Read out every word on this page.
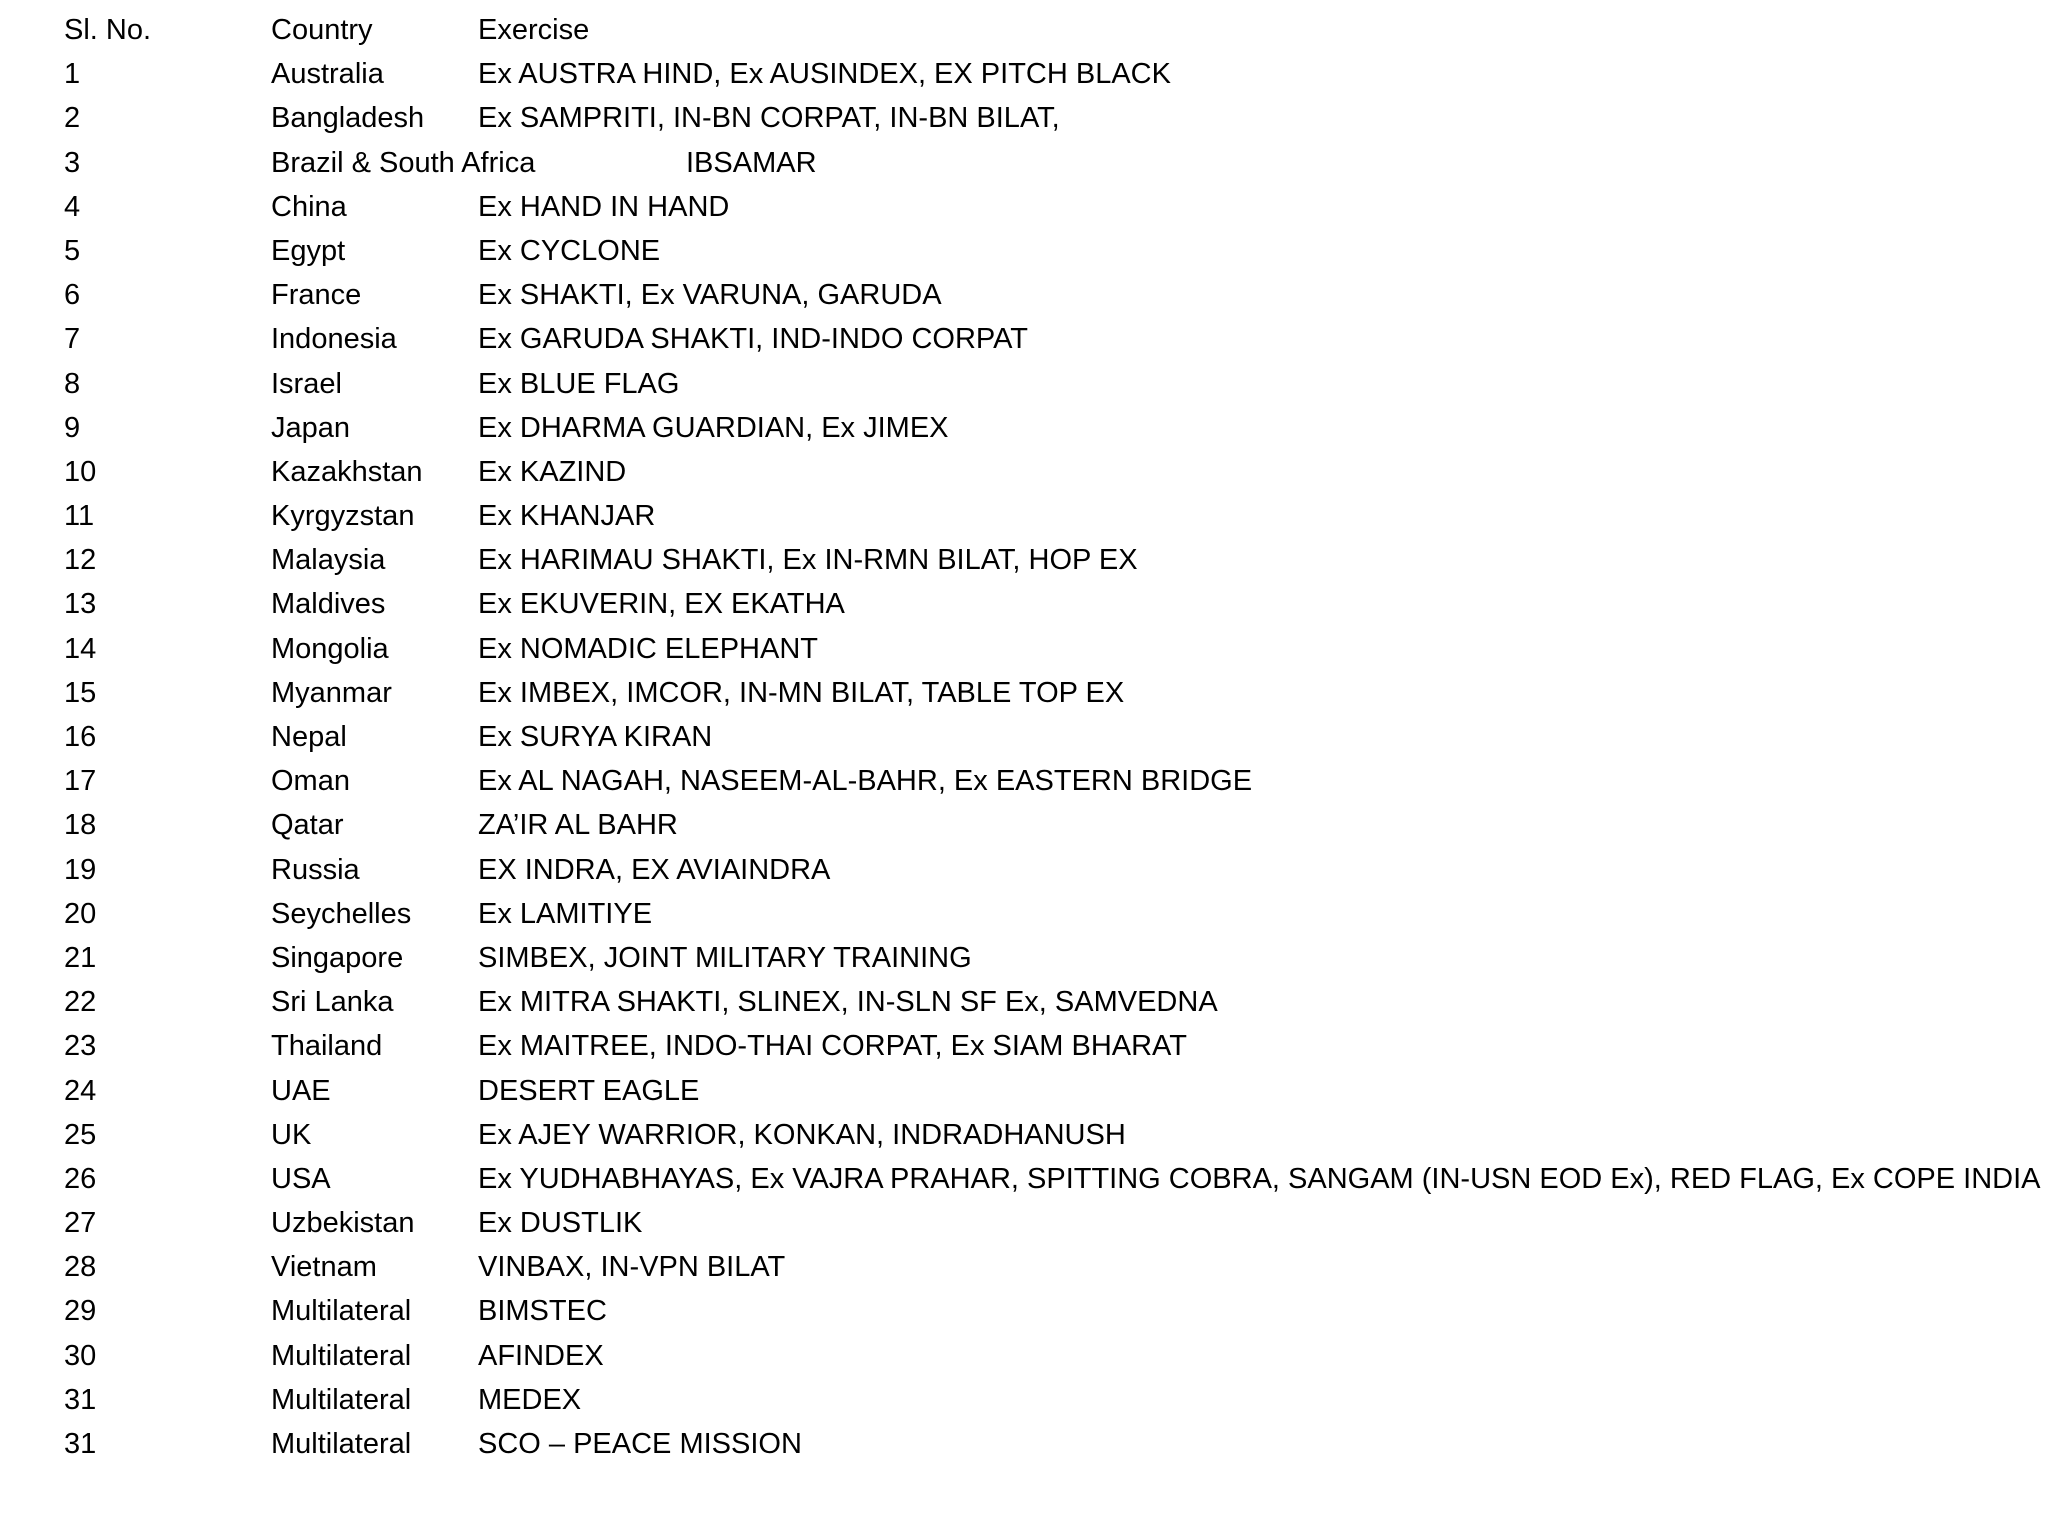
Sl. No.	Country	Exercise
1	Australia	Ex AUSTRA HIND, Ex AUSINDEX, EX PITCH BLACK
2	Bangladesh Ex SAMPRITI, IN-BN CORPAT, IN-BN BILAT,
3	Brazil & South Africa	IBSAMAR
4	China	Ex HAND IN HAND
5	Egypt	Ex CYCLONE
6	France	Ex SHAKTI, Ex VARUNA, GARUDA
7	Indonesia	Ex GARUDA SHAKTI, IND-INDO CORPAT
8	Israel	Ex BLUE FLAG
9	Japan	Ex DHARMA GUARDIAN, Ex JIMEX
10	Kazakhstan Ex KAZIND
11	Kyrgyzstan Ex KHANJAR
12	Malaysia	Ex HARIMAU SHAKTI, Ex IN-RMN BILAT, HOP EX
13	Maldives	Ex EKUVERIN, EX EKATHA
14	Mongolia	Ex NOMADIC ELEPHANT
15	Myanmar	Ex IMBEX, IMCOR, IN-MN BILAT, TABLE TOP EX
16	Nepal	Ex SURYA KIRAN
17	Oman	Ex AL NAGAH, NASEEM-AL-BAHR, Ex EASTERN BRIDGE
18	Qatar	ZA’IR AL BAHR
19	Russia	EX INDRA, EX AVIAINDRA
20	Seychelles Ex LAMITIYE
21	Singapore	SIMBEX, JOINT MILITARY TRAINING
22	Sri Lanka	Ex MITRA SHAKTI, SLINEX, IN-SLN SF Ex, SAMVEDNA
23	Thailand	Ex MAITREE, INDO-THAI CORPAT, Ex SIAM BHARAT
24	UAE	DESERT EAGLE
25	UK	Ex AJEY WARRIOR, KONKAN, INDRADHANUSH
26	USA	Ex YUDHABHAYAS, Ex VAJRA PRAHAR, SPITTING COBRA, SANGAM (IN-USN EOD Ex), RED FLAG, Ex COPE INDIA
27	Uzbekistan Ex DUSTLIK
28	Vietnam	VINBAX, IN-VPN BILAT
29	Multilateral BIMSTEC
30	Multilateral AFINDEX
31	Multilateral MEDEX
31	Multilateral SCO – PEACE MISSION
